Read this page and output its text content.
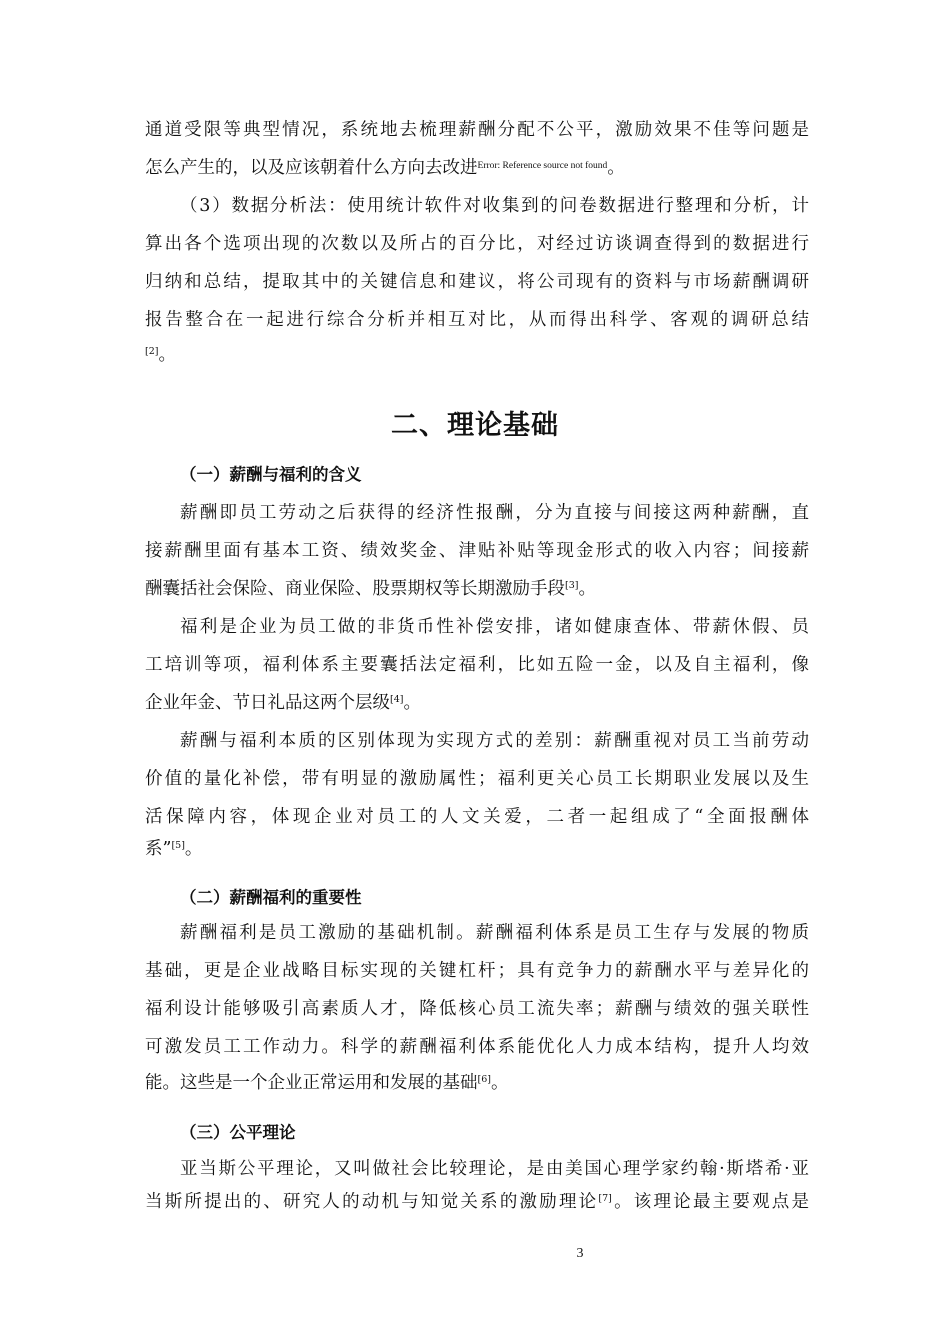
通道受限等典型情况，系统地去梳理薪酬分配不公平，激励效果不佳等问题是
怎么产生的，以及应该朝着什么方向去改进$^{Error: Reference source not found}$。
（3）数据分析法：使用统计软件对收集到的问卷数据进行整理和分析，计
算出各个选项出现的次数以及所占的百分比，对经过访谈调查得到的数据进行
归纳和总结，提取其中的关键信息和建议，将公司现有的资料与市场薪酬调研
报告整合在一起进行综合分析并相互对比，从而得出科学、客观的调研总结
[2]。
二、理论基础
（一）薪酬与福利的含义
薪酬即员工劳动之后获得的经济性报酬，分为直接与间接这两种薪酬，直
接薪酬里面有基本工资、绩效奖金、津贴补贴等现金形式的收入内容；间接薪
酬囊括社会保险、商业保险、股票期权等长期激励手段[3]。
福利是企业为员工做的非货币性补偿安排，诸如健康查体、带薪休假、员
工培训等项，福利体系主要囊括法定福利，比如五险一金，以及自主福利，像
企业年金、节日礼品这两个层级[4]。
薪酬与福利本质的区别体现为实现方式的差别：薪酬重视对员工当前劳动
价值的量化补偿，带有明显的激励属性；福利更关心员工长期职业发展以及生
活保障内容，体现企业对员工的人文关爱，二者一起组成了“全面报酬体
系”[5]。
（二）薪酬福利的重要性
薪酬福利是员工激励的基础机制。薪酬福利体系是员工生存与发展的物质
基础，更是企业战略目标实现的关键杠杆；具有竞争力的薪酬水平与差异化的
福利设计能够吸引高素质人才，降低核心员工流失率；薪酬与绩效的强关联性
可激发员工工作动力。科学的薪酬福利体系能优化人力成本结构，提升人均效
能。这些是一个企业正常运用和发展的基础[6]。
（三）公平理论
亚当斯公平理论，又叫做社会比较理论，是由美国心理学家约翰·斯塔希·亚
当斯所提出的、研究人的动机与知觉关系的激励理论[7]。该理论最主要观点是
3
